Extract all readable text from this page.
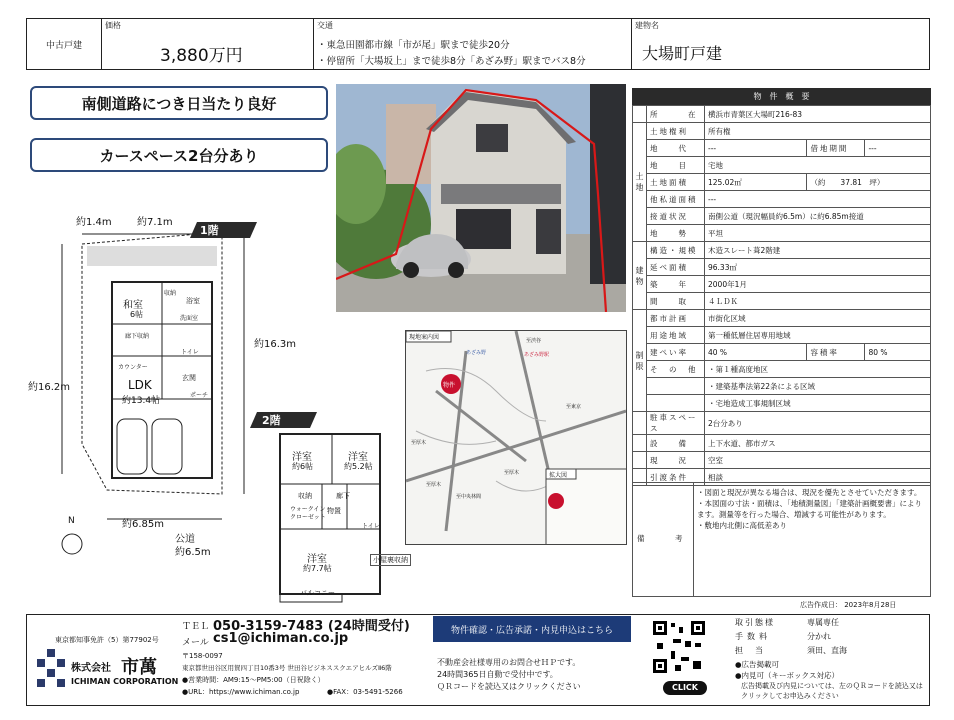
中古戸建
価格
3,880万円
交通
・東急田園都市線「市が尾」駅まで徒歩20分
・停留所「大場坂上」まで徒歩8分「あざみ野」駅までバス8分
建物名
大場町戸建
南側道路につき日当たり良好
カースペース2台分あり
1階
2階
約1.4m	約7.1m
約16.3m
約16.2m
約6.85m
公道
約6.5m
N
和室
6帖
収納
浴室
洗面室
廊下収納
カウンター
トイレ
玄関
ポーチ
LDK
約13.4帖
洋室
約6帖
洋室
約5.2帖
収納	廊下
ウォークイン
クローゼット
物置
トイレ
洋室
約7.7帖
バルコニー
小屋裏収納
現地案内図
拡大図
物件
あざみ野
至渋谷
あざみ野駅
至厚木
至東京
至厚木
至中央林間
至厚木
物　件　概　要
	所　　　在	横浜市青葉区大場町216-83		
土地	土地権利	所有権		
	地　　代	---	借地期間	---
	地　　目	宅地		
	土地面積	125.02㎡	（約　　37.81　坪）	
	他私道面積	---		
	接道状況	南側公道（現況幅員約6.5m）に約6.85m接道		
	地　　勢	平坦		
建物	構造・規模	木造スレート葺2階建		
	延べ面積	96.33㎡		
	築　　年	2000年1月		
	間　　取	４ＬＤＫ		
制限	都市計画	市街化区域		
	用途地域	第一種低層住居専用地域		
	建ぺい率	40 %	容積率	80 %
	そ　の　他	・第１種高度地区		
		・建築基準法第22条による区域		
		・宅地造成工事規制区域		
	駐車スペース	2台分あり		
	設　　備	上下水道、都市ガス		
	現　　況	空室		
	引渡条件	相談		
備　　　考
・図面と現況が異なる場合は、現況を優先とさせていただきます。
・本図面の寸法・面積は、「地積測量図」「建築計画概要書」によります。測量等を行った場合、増減する可能性があります。
・敷地内北側に高低差あり
広告作成日： 2023年8月28日
東京都知事免許（5）第77902号
株式会社 市萬
ICHIMAN CORPORATION
ＴＥＬ 050-3159-7483 (24時間受付)
メール cs1@ichiman.co.jp
〒158-0097
東京都世田谷区用賀四丁目10番3号 世田谷ビジネススクエアヒルズⅡ6階
●営業時間：AM9:15～PM5:00（日祝除く）
●URL：https://www.ichiman.co.jp	●FAX：03-5491-5266
物件確認・広告承諾・内見申込はこちら
不動産会社様専用のお問合せＨＰです。
24時間365日自動で受付中です。
ＱＲコードを読込又はクリックください	CLICK
取引態様	専属専任
手数料	分かれ
担　当	須田、直海
●広告掲載可
●内見可（キーボックス対応）
広告掲載及び内見については、左のＱＲコードを読込又はクリックしてお申込みください
